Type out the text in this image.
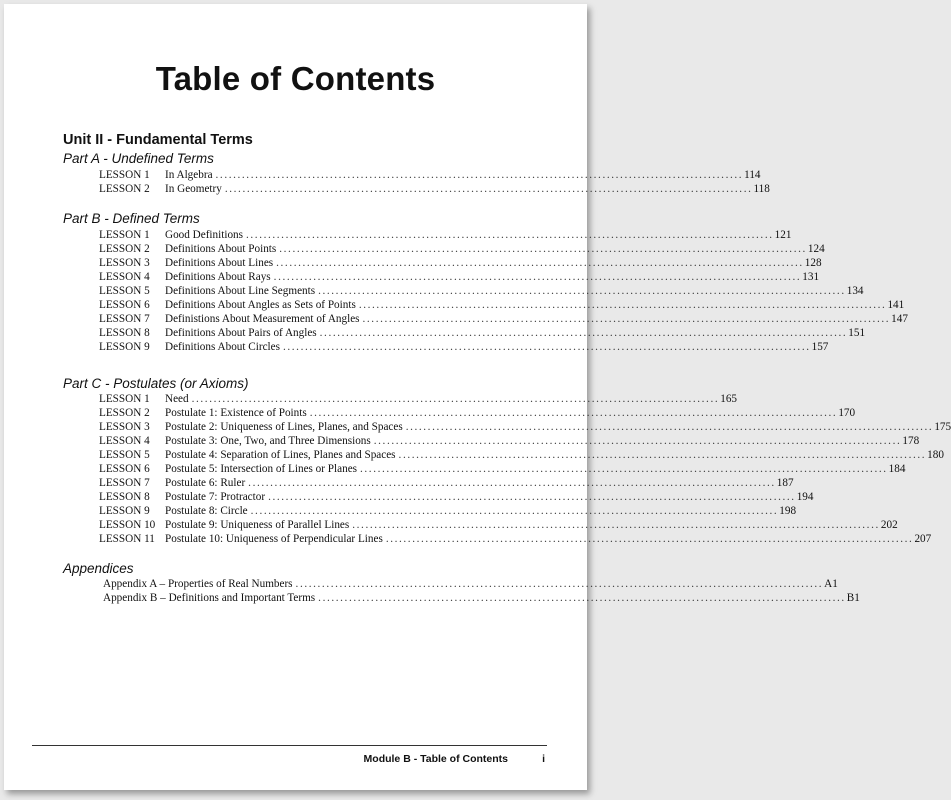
Table of Contents
Unit II - Fundamental Terms
Part A - Undefined Terms
LESSON 1	In Algebra ........................................................................................................................ 114
LESSON 2	In Geometry ........................................................................................................................ 118
Part B - Defined Terms
LESSON 1	Good Definitions ........................................................................................................................ 121
LESSON 2	Definitions About Points ........................................................................................................................ 124
LESSON 3	Definitions About Lines ........................................................................................................................ 128
LESSON 4	Definitions About Rays ........................................................................................................................ 131
LESSON 5	Definitions About Line Segments ........................................................................................................................ 134
LESSON 6	Definitions About Angles as Sets of Points ........................................................................................................................ 141
LESSON 7	Definistions About Measurement of Angles ........................................................................................................................ 147
LESSON 8	Definitions About Pairs of Angles ........................................................................................................................ 151
LESSON 9	Definitions About Circles ........................................................................................................................ 157
Part C - Postulates (or Axioms)
LESSON 1	Need ........................................................................................................................ 165
LESSON 2	Postulate 1: Existence of Points ........................................................................................................................ 170
LESSON 3	Postulate 2: Uniqueness of Lines, Planes, and Spaces ........................................................................................................................ 175
LESSON 4	Postulate 3: One, Two, and Three Dimensions ........................................................................................................................ 178
LESSON 5	Postulate 4: Separation of Lines, Planes and Spaces ........................................................................................................................ 180
LESSON 6	Postulate 5: Intersection of Lines or Planes ........................................................................................................................ 184
LESSON 7	Postulate 6: Ruler ........................................................................................................................ 187
LESSON 8	Postulate 7: Protractor ........................................................................................................................ 194
LESSON 9	Postulate 8: Circle ........................................................................................................................ 198
LESSON 10 Postulate 9: Uniqueness of Parallel Lines ........................................................................................................................ 202
LESSON 11 Postulate 10: Uniqueness of Perpendicular Lines ........................................................................................................................ 207
Appendices
Appendix A – Properties of Real Numbers ........................................................................................................................ A1
Appendix B – Definitions and Important Terms ........................................................................................................................ B1
Module B - Table of Contents	i
